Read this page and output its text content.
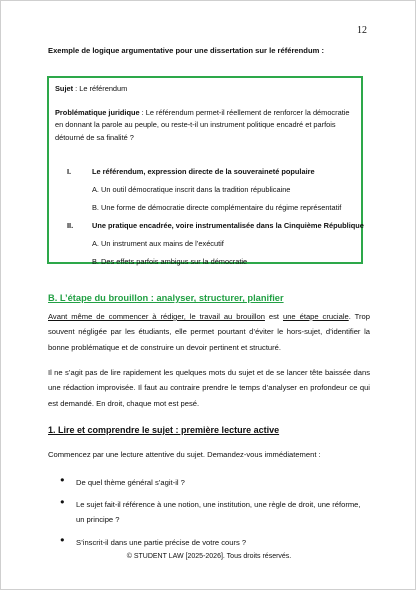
12
Exemple de logique argumentative pour une dissertation sur le référendum :

Sujet : Le référendum

Problématique juridique : Le référendum permet-il réellement de renforcer la démocratie en donnant la parole au peuple, ou reste-t-il un instrument politique encadré et parfois détourné de sa finalité ?

I.	Le référendum, expression directe de la souveraineté populaire
A. Un outil démocratique inscrit dans la tradition républicaine
B. Une forme de démocratie directe complémentaire du régime représentatif
II.	Une pratique encadrée, voire instrumentalisée dans la Cinquième République
A. Un instrument aux mains de l’exécutif
B. Des effets parfois ambigus sur la démocratie
B. L’étape du brouillon : analyser, structurer, planifier

Avant même de commencer à rédiger, le travail au brouillon est une étape cruciale. Trop souvent négligée par les étudiants, elle permet pourtant d’éviter le hors-sujet, d’identifier la bonne problématique et de construire un devoir pertinent et structuré.

Il ne s’agit pas de lire rapidement les quelques mots du sujet et de se lancer tête baissée dans une rédaction improvisée. Il faut au contraire prendre le temps d’analyser en profondeur ce qui est demandé. En droit, chaque mot est pesé.

1. Lire et comprendre le sujet : première lecture active

Commencez par une lecture attentive du sujet. Demandez-vous immédiatement :

● De quel thème général s’agit-il ?
● Le sujet fait-il référence à une notion, une institution, une règle de droit, une réforme, un principe ?
● S’inscrit-il dans une partie précise de votre cours ?
© STUDENT LAW [2025-2026]. Tous droits réservés.
